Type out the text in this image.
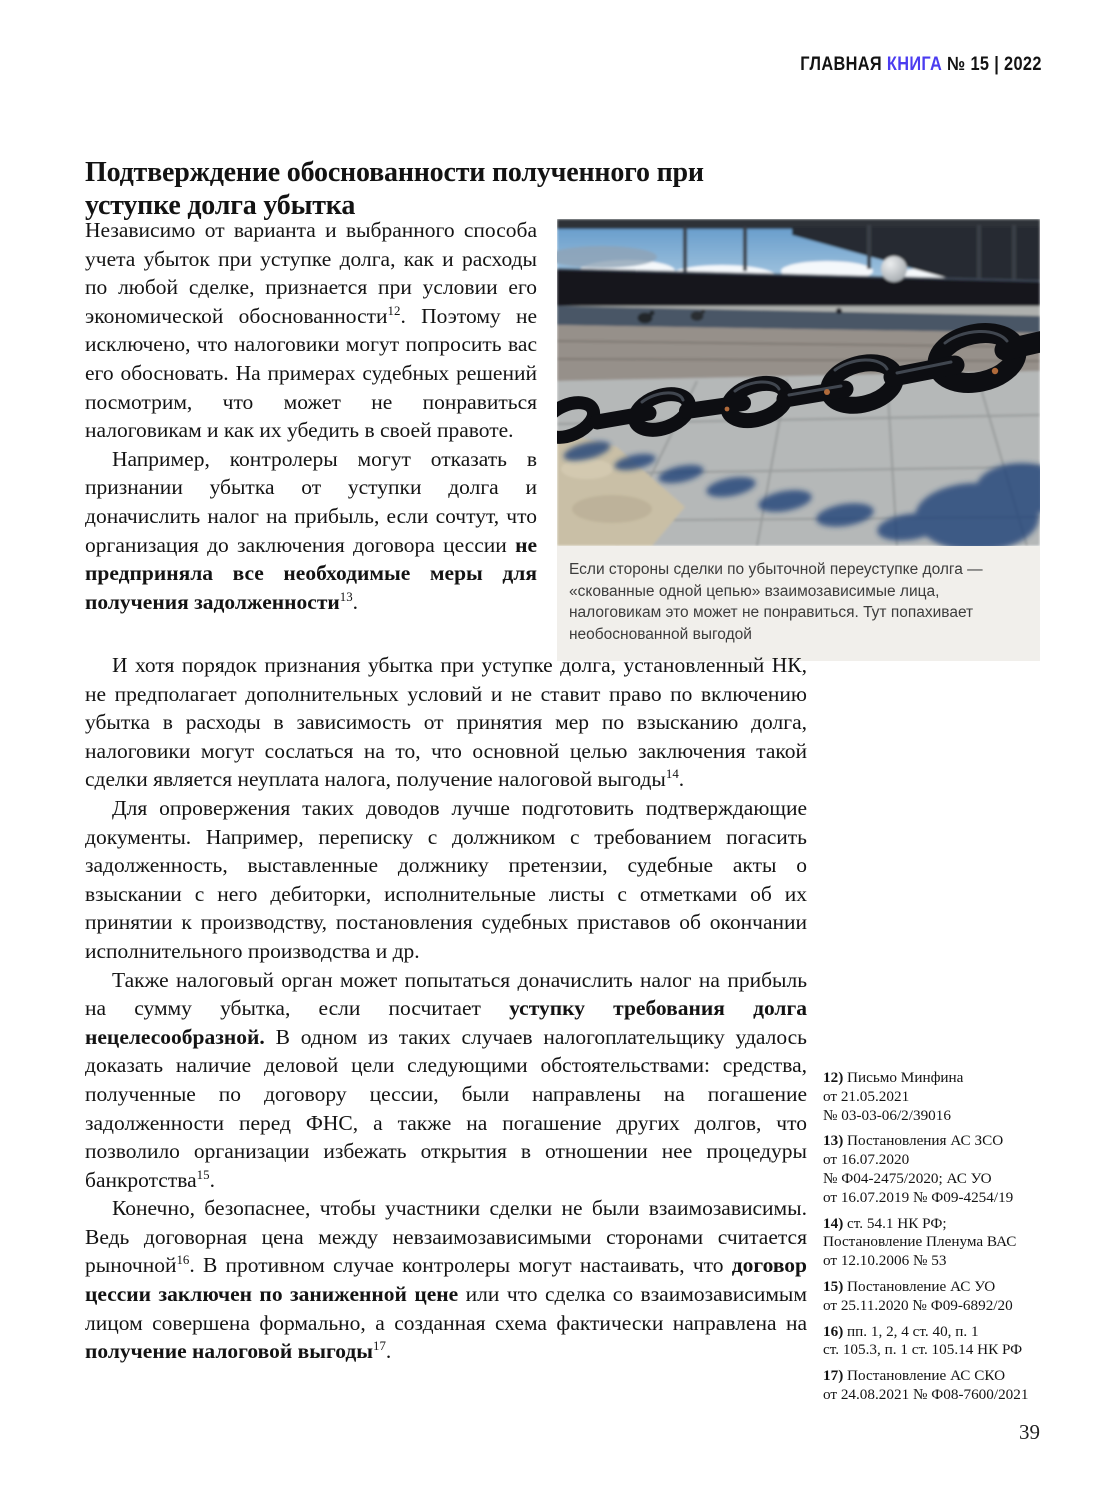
ГЛАВНАЯ КНИГА № 15 | 2022
Подтверждение обоснованности полученного при уступке долга убытка

Независимо от варианта и выбранного способа учета убыток при уступке долга, как и расходы по любой сделке, признается при условии его экономической обоснованности$^{12}$. Поэтому не исключено, что налоговики могут попросить вас его обосновать. На примерах судебных решений посмотрим, что может не понравиться налоговикам и как их убедить в своей правоте.

Например, контролеры могут отказать в признании убытка от уступки долга и доначислить налог на прибыль, если сочтут, что организация до заключения договора цессии не предприняла все необходимые меры для получения задолженности$^{13}$.

Если стороны сделки по убыточной переуступке долга — «скованные одной цепью» взаимозависимые лица, налоговикам это может не понравиться. Тут попахивает необоснованной выгодой

И хотя порядок признания убытка при уступке долга, установленный НК, не предполагает дополнительных условий и не ставит право по включению убытка в расходы в зависимость от принятия мер по взысканию долга, налоговики могут сослаться на то, что основной целью заключения такой сделки является неуплата налога, получение налоговой выгоды$^{14}$.

Для опровержения таких доводов лучше подготовить подтверждающие документы. Например, переписку с должником с требованием погасить задолженность, выставленные должнику претензии, судебные акты о взыскании с него дебиторки, исполнительные листы с отметками об их принятии к производству, постановления судебных приставов об окончании исполнительного производства и др.

Также налоговый орган может попытаться доначислить налог на прибыль на сумму убытка, если посчитает уступку требования долга нецелесообразной. В одном из таких случаев налогоплательщику удалось доказать наличие деловой цели следующими обстоятельствами: средства, полученные по договору цессии, были направлены на погашение задолженности перед ФНС, а также на погашение других долгов, что позволило организации избежать открытия в отношении нее процедуры банкротства$^{15}$.

Конечно, безопаснее, чтобы участники сделки не были взаимозависимы. Ведь договорная цена между невзаимозависимыми сторонами считается рыночной$^{16}$. В противном случае контролеры могут настаивать, что договор цессии заключен по заниженной цене или что сделка со взаимозависимым лицом совершена формально, а созданная схема фактически направлена на получение налоговой выгоды$^{17}$.

12) Письмо Минфина
от 21.05.2021
№ 03-03-06/2/39016
13) Постановления АС ЗСО
от 16.07.2020
№ Ф04-2475/2020; АС УО
от 16.07.2019 № Ф09-4254/19
14) ст. 54.1 НК РФ;
Постановление Пленума ВАС
от 12.10.2006 № 53
15) Постановление АС УО
от 25.11.2020 № Ф09-6892/20
16) пп. 1, 2, 4 ст. 40, п. 1
ст. 105.3, п. 1 ст. 105.14 НК РФ
17) Постановление АС СКО
от 24.08.2021 № Ф08-7600/2021
39
